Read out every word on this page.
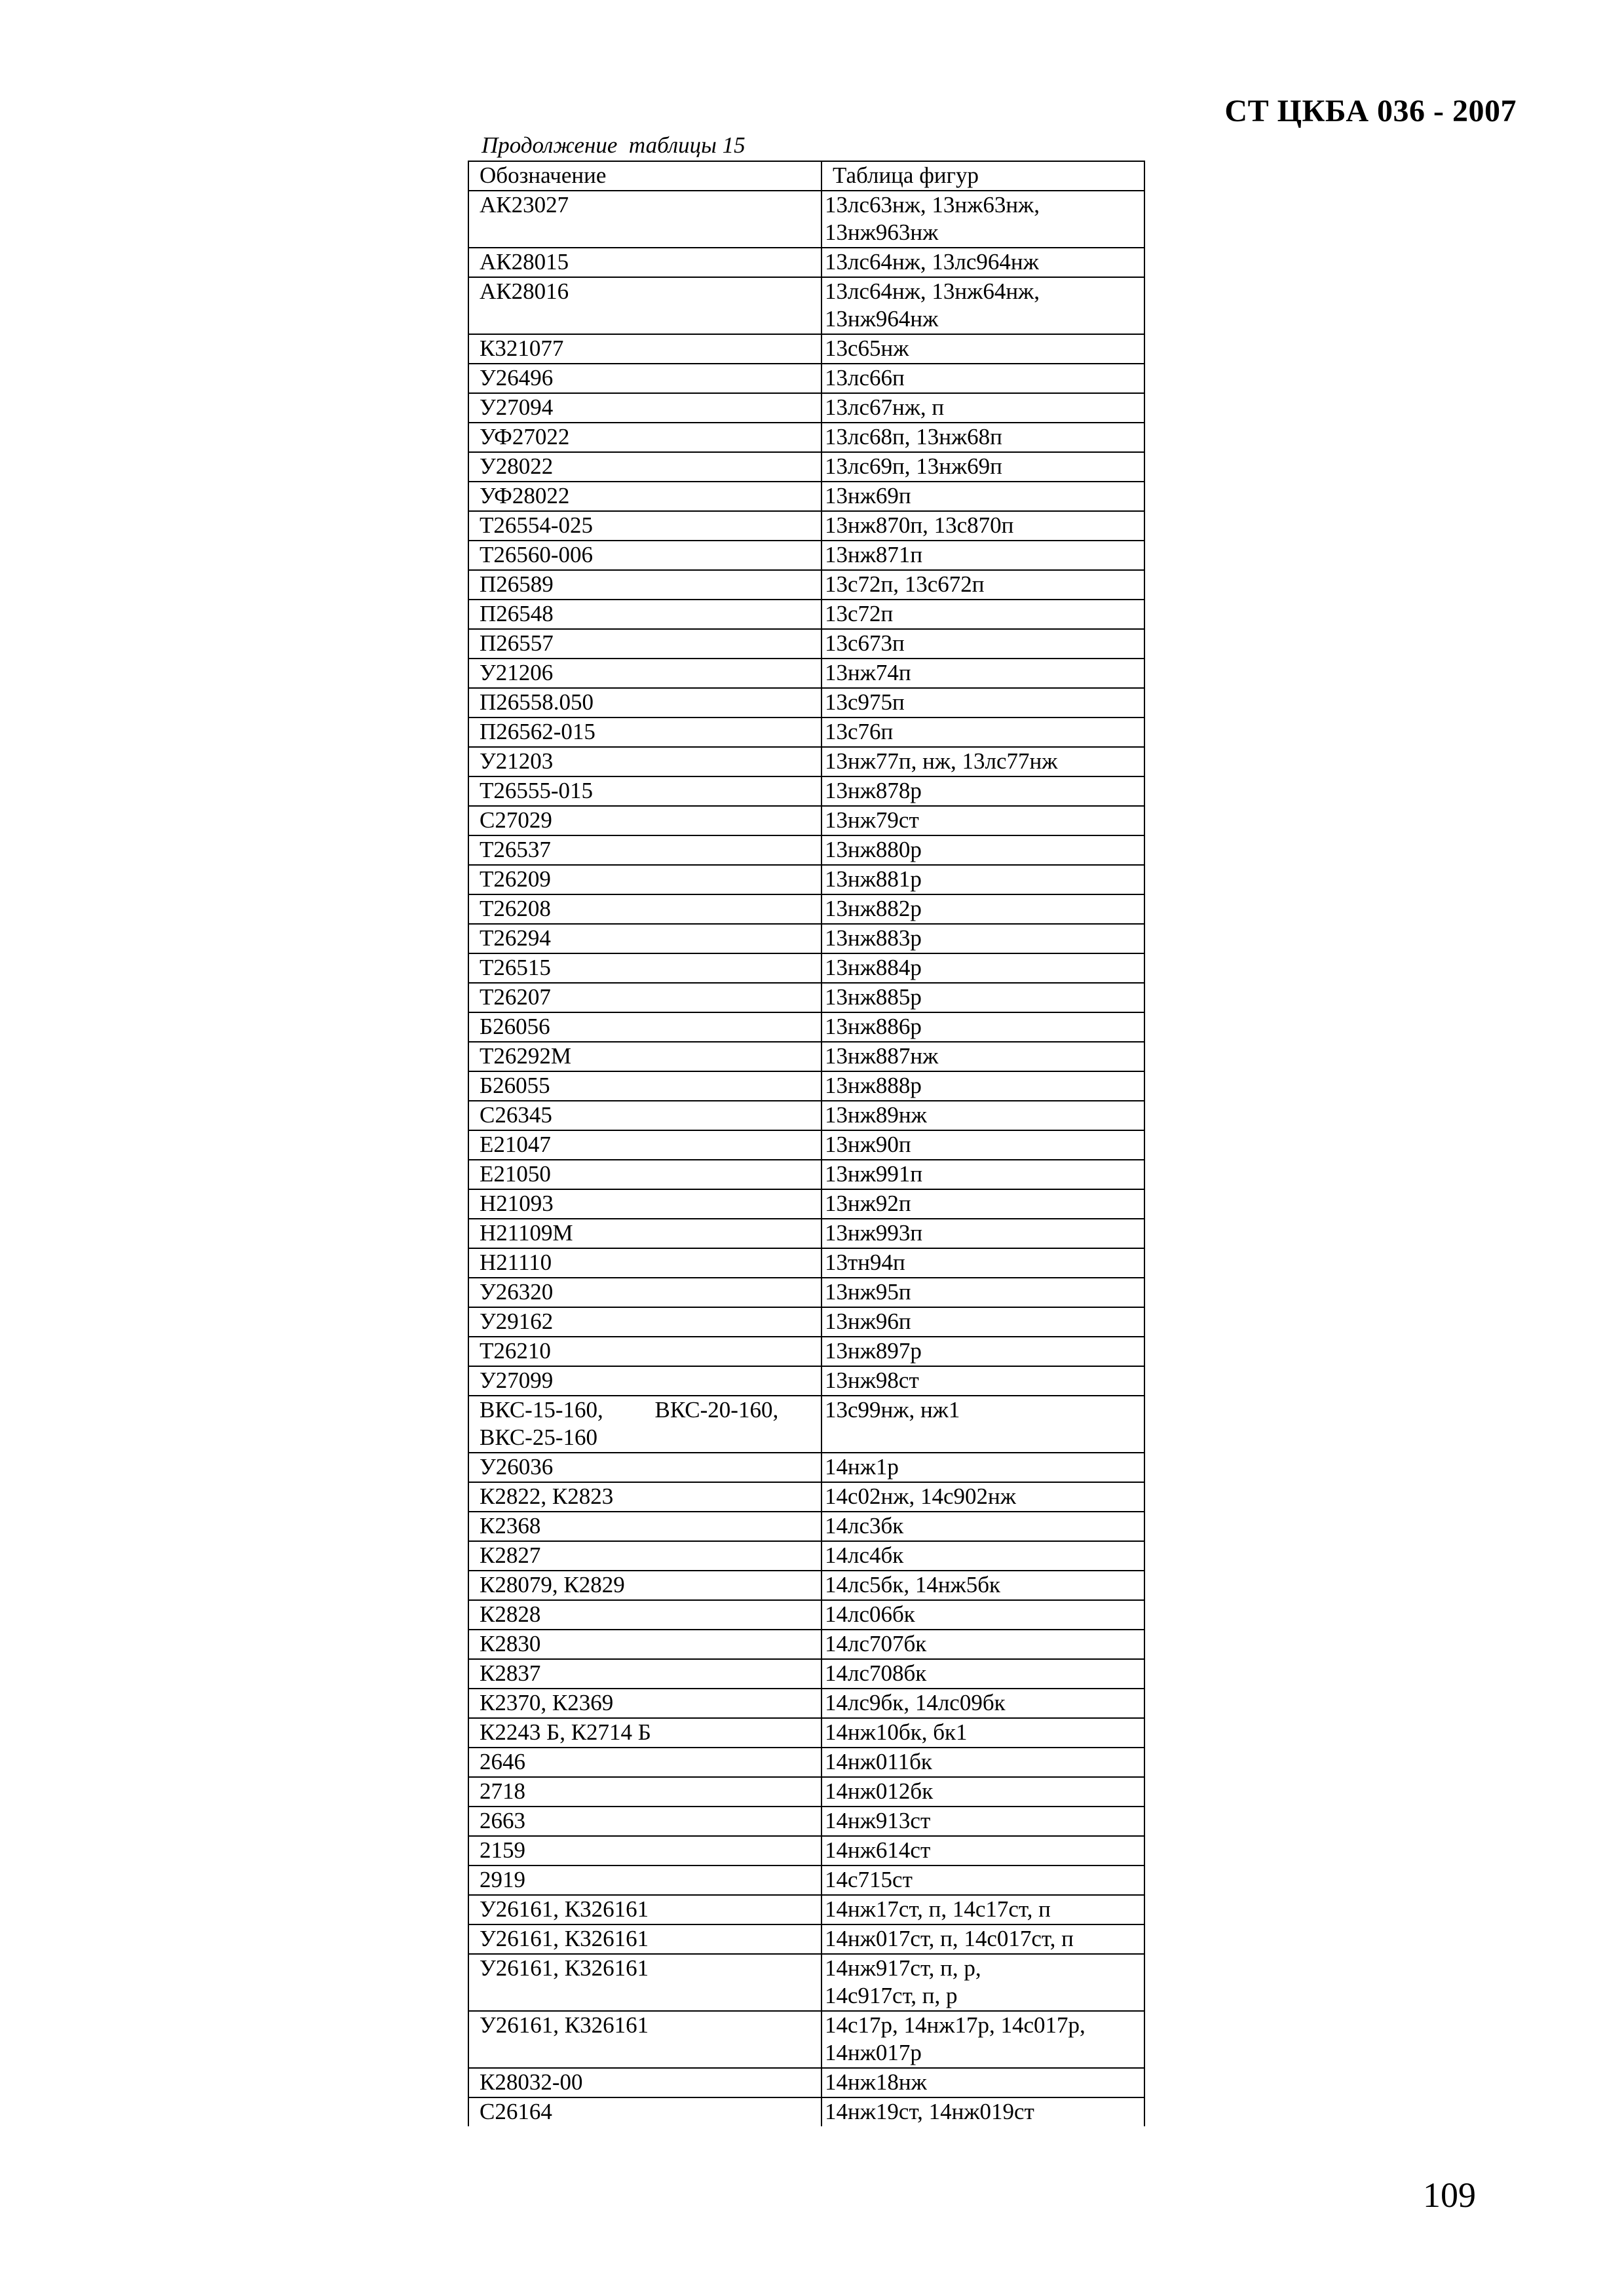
СТ ЦКБА 036 - 2007
Продолжение  таблицы 15
Обозначение	Таблица фигур
АК23027	13лс63нж, 13нж63нж,
13нж963нж
АК28015	13лс64нж, 13лс964нж
АК28016	13лс64нж, 13нж64нж,
13нж964нж
К321077	13с65нж
У26496	13лс66п
У27094	13лс67нж, п
УФ27022	13лс68п, 13нж68п
У28022	13лс69п, 13нж69п
УФ28022	13нж69п
Т26554-025	13нж870п, 13с870п
Т26560-006	13нж871п
П26589	13с72п, 13с672п
П26548	13с72п
П26557	13с673п
У21206	13нж74п
П26558.050	13с975п
П26562-015	13с76п
У21203	13нж77п, нж, 13лс77нж
Т26555-015	13нж878р
С27029	13нж79ст
Т26537	13нж880р
Т26209	13нж881р
Т26208	13нж882р
Т26294	13нж883р
Т26515	13нж884р
Т26207	13нж885р
Б26056	13нж886р
Т26292М	13нж887нж
Б26055	13нж888р
С26345	13нж89нж
Е21047	13нж90п
Е21050	13нж991п
Н21093	13нж92п
Н21109М	13нж993п
Н21110	13тн94п
У26320	13нж95п
У29162	13нж96п
Т26210	13нж897р
У27099	13нж98ст
ВКС-15-160,         ВКС-20-160,
ВКС-25-160	13с99нж, нж1
У26036	14нж1р
К2822, К2823	14с02нж, 14с902нж
К2368	14лс3бк
К2827	14лс4бк
К28079, К2829	14лс5бк, 14нж5бк
К2828	14лс06бк
К2830	14лс707бк
К2837	14лс708бк
К2370, К2369	14лс9бк, 14лс09бк
К2243 Б, К2714 Б	14нж10бк, бк1
2646	14нж011бк
2718	14нж012бк
2663	14нж913ст
2159	14нж614ст
2919	14с715ст
У26161, К326161	14нж17ст, п, 14с17ст, п
У26161, К326161	14нж017ст, п, 14с017ст, п
У26161, К326161	14нж917ст, п, р,
14с917ст, п, р
У26161, К326161	14с17р, 14нж17р, 14с017р,
14нж017р
К28032-00	14нж18нж
С26164	14нж19ст, 14нж019ст
109
